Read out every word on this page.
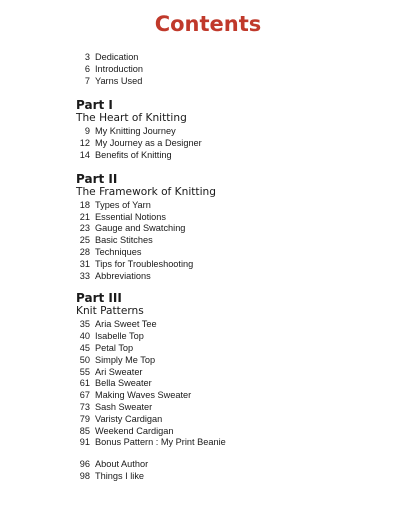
Contents
3 Dedication
6 Introduction
7 Yarns Used
Part I
The Heart of Knitting
9 My Knitting Journey
12 My Journey as a Designer
14 Benefits of Knitting
Part II
The Framework of Knitting
18 Types of Yarn
21 Essential Notions
23 Gauge and Swatching
25 Basic Stitches
28 Techniques
31 Tips for Troubleshooting
33 Abbreviations
Part III
Knit Patterns
35 Aria Sweet Tee
40 Isabelle Top
45 Petal Top
50 Simply Me Top
55 Ari Sweater
61 Bella Sweater
67 Making Waves Sweater
73 Sash Sweater
79 Varisty Cardigan
85 Weekend Cardigan
91 Bonus Pattern : My Print Beanie
96 About Author
98 Things I like
